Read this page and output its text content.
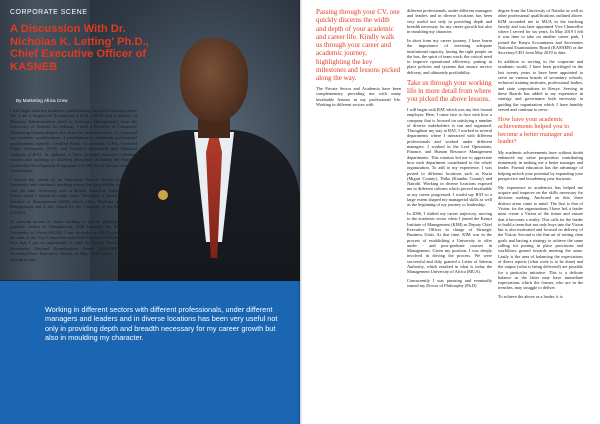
CORPORATE SCENE
A Discussion With Dr. Nicholas K. Letting' Ph.D., Chief Executive Officer of KASNEB
By Marketing Africa Crew

I will begin with my academic qualifications then delve into my career life. I am a Registered Accountant, I hold a Ph.D. and a Masters of Business Administration (both in Strategic Management) from the University of Nairobi. In addition, I hold a Bachelor of Commerce (Marketing Option) degree also from the same institution. As I pursued my academic qualifications, I simultaneously undertook professional qualifications namely; Certified Public Accountants (CPA), Certified Public Secretaries (CPS) and Certified Investment and Financial Analysts (CIFA). In addition, I have attended extensive refresher courses and trainings in different disciplines including the Strategic Leadership Development Programme (SLDP) at the Kenya School of Government.

I started my career as an Untrained Teacher before joining the University and continued teaching during the long holiday breaks. My first job after University was at British American Tobacco (BAT) Kenya where I stayed for eight years. Thereafter, I joined the Kenya Institute of Management (KIM) which offers Diploma in Business Management and is also famed for the Company of the Year Awards (COYA).

To provide access to those wishing to pursue graduate and post graduate studies in Management, KIM launched the Management University of Africa (MUA). I was seconded to MUA when I rose to the rank of the Vice Chancellor and Chief Executive Officer. It is from here that I got an opportunity to join the Kenya Accountants and Secretaries National Examinations Board (KASNEB) as the Secretary/Chief Executive Officer in May 2019 where I have been serving to date.

Working in different sectors with different professionals, under different managers and leaders and in diverse locations has been very useful not only in providing depth and breadth necessary for my career growth but also in moulding my character.

Passing through your CV, one quickly discerns the width and depth of your academic and career life. Kindly walk us through your career and academic journey, highlighting the key milestones and lessons picked along the way.

The Private Sector and Academia have been complementary providing me with many invaluable lessons in my professional life. Working in different sectors with

different professionals, under different managers and leaders and in diverse locations has been very useful not only in providing depth and breadth necessary for my career growth but also in moulding my character.

In short from my career journey, I have learnt the importance of investing adequate institutional capacity, having the right people on the bus, the spirit of team work, the critical need to improve operational efficiency, putting in place policies and systems that ensure service delivery, and ultimately profitability.

Take us through your working life in more detail from where you picked the above lessons.

I will begin with BAT which was my first formal employer. Here, I came face to face with how a company that is focused on satisfying a number of diverse stakeholders is run and organized. Throughout my stay at BAT, I worked in several departments where I interacted with different professionals and worked under different managers. I worked in the Leaf Operations, Finance, and Human Resource Management departments. This rotation led me to appreciate how each department contributed to the whole organization. To add to my experience, I was posted to different locations such as Kuria (Migori County), Thika (Kiambu County) and Nairobi. Working in diverse locations exposed me to different cultures which proved invaluable as my career progressed. I would say BAT to a large extent shaped my managerial skills as well as the beginning of my journey to leadership.

In 2006, I shifted my career trajectory, moving to the academic sector when I joined the Kenya Institute of Management (KIM) as Deputy Chief Executive Officer in charge of Strategic Business Units. At that time, KIM was in the process of establishing a University to offer under - and post-graduate courses in Management. Given my position, I was deeply involved in driving the process. We were successful and duly granted a Letter of Interim Authority, which resulted in what is today the Management University of Africa (MUA).

Concurrently I was pursuing and eventually earned my Doctor of Philosophy (Ph.D)

degree from the University of Nairobi as well as other professional qualifications outlined above. KIM seconded me to MUA in the teaching faculty and was later appointed Vice Chancellor where I served for six years. In May 2019 I felt it was time to take on another career path, I joined the Kenya Accountants and Secretaries National Examinations Board (KASNEB) as the Secretary/CEO from May 2019 to date.

In addition to serving in the corporate and academic world, I have been privileged in the last twenty years to have been appointed to serve on various boards of secondary schools, technical training institutes, professional bodies, and state corporations in Kenya. Serving in these Boards has added to my experience in strategy and governance both necessary in guiding the organization which I have humbly served and continue to serve.

How have your academic achievements helped you to become a better manager and leader?

My academic achievements have without doubt enhanced my value proposition contributing immensely in making me a better manager and leader. Formal education has the advantage of helping unlock your potential by expanding your perspective and broadening your horizons.

My experience in academics has helped me acquire and improve on the skills necessary for decision making. Anchored on this, three distinct areas come to mind. The first is that of Vision; for the organizations I have led, a leader must create a Vision of the future and ensure that it becomes a reality. This calls for the leader to build a team that not only buys into the Vision but is also motivated and focused on delivery of the Vision. Second is the fine art of setting clear goals and having a strategy to achieve the same calling for putting in place provisions and workflows geared towards meeting the same. Lastly is the area of balancing the expectations of direct reports (what work is to be done) and the output (what is being delivered) are possible for a particular initiative. This is a delicate balance as the latter may have immediate expectations which the former, who are in the trenches, may struggle to deliver.

To achieve the above as a leader, it is
